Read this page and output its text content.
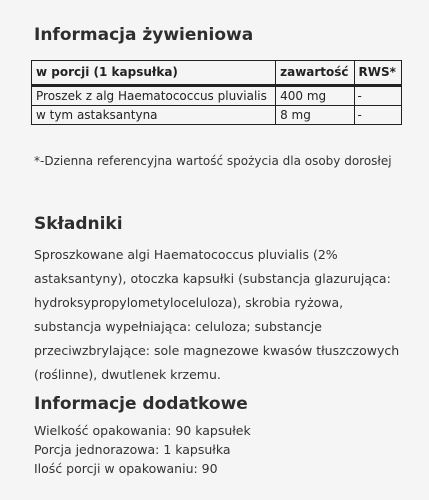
Informacja żywieniowa
w porcji (1 kapsułka)	zawartość	RWS*
Proszek z alg Haematococcus pluvialis	400 mg	-
w tym astaksantyna	8 mg	-
*-Dzienna referencyjna wartość spożycia dla osoby dorosłej
Składniki
Sproszkowane algi Haematococcus pluvialis (2% astaksantyny), otoczka kapsułki (substancja glazurująca: hydroksypropylometyloceluloza), skrobia ryżowa, substancja wypełniająca: celuloza; substancje przeciwzbrylające: sole magnezowe kwasów tłuszczowych (roślinne), dwutlenek krzemu.
Informacje dodatkowe
Wielkość opakowania: 90 kapsułek
Porcja jednorazowa: 1 kapsułka
Ilość porcji w opakowaniu: 90
